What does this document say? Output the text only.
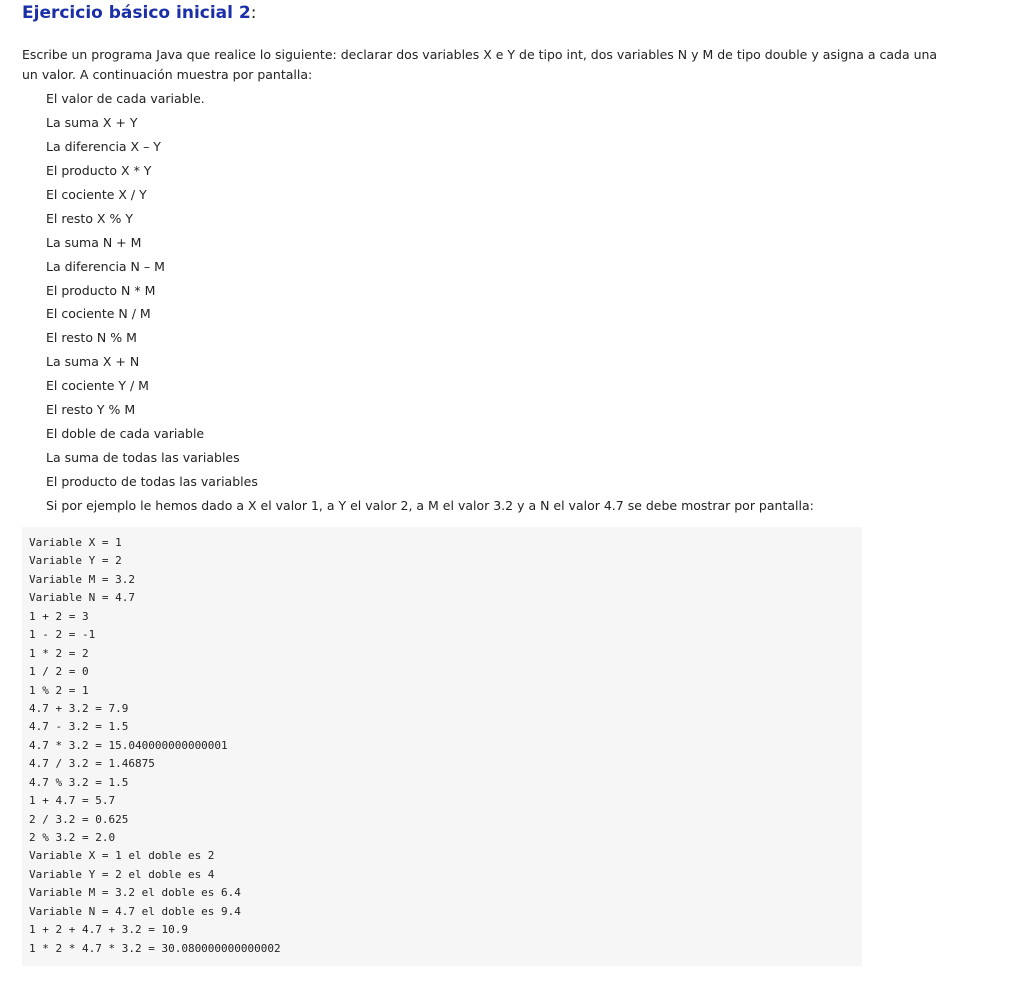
Ejercicio básico inicial 2:
Escribe un programa Java que realice lo siguiente: declarar dos variables X e Y de tipo int, dos variables N y M de tipo double y asigna a cada una
un valor. A continuación muestra por pantalla:
El valor de cada variable.
La suma X + Y
La diferencia X – Y
El producto X * Y
El cociente X / Y
El resto X % Y
La suma N + M
La diferencia N – M
El producto N * M
El cociente N / M
El resto N % M
La suma X + N
El cociente Y / M
El resto Y % M
El doble de cada variable
La suma de todas las variables
El producto de todas las variables
Si por ejemplo le hemos dado a X el valor 1, a Y el valor 2, a M el valor 3.2 y a N el valor 4.7 se debe mostrar por pantalla:
Variable X = 1
Variable Y = 2
Variable M = 3.2
Variable N = 4.7
1 + 2 = 3
1 - 2 = -1
1 * 2 = 2
1 / 2 = 0
1 % 2 = 1
4.7 + 3.2 = 7.9
4.7 - 3.2 = 1.5
4.7 * 3.2 = 15.040000000000001
4.7 / 3.2 = 1.46875
4.7 % 3.2 = 1.5
1 + 4.7 = 5.7
2 / 3.2 = 0.625
2 % 3.2 = 2.0
Variable X = 1 el doble es 2
Variable Y = 2 el doble es 4
Variable M = 3.2 el doble es 6.4
Variable N = 4.7 el doble es 9.4
1 + 2 + 4.7 + 3.2 = 10.9
1 * 2 * 4.7 * 3.2 = 30.080000000000002
